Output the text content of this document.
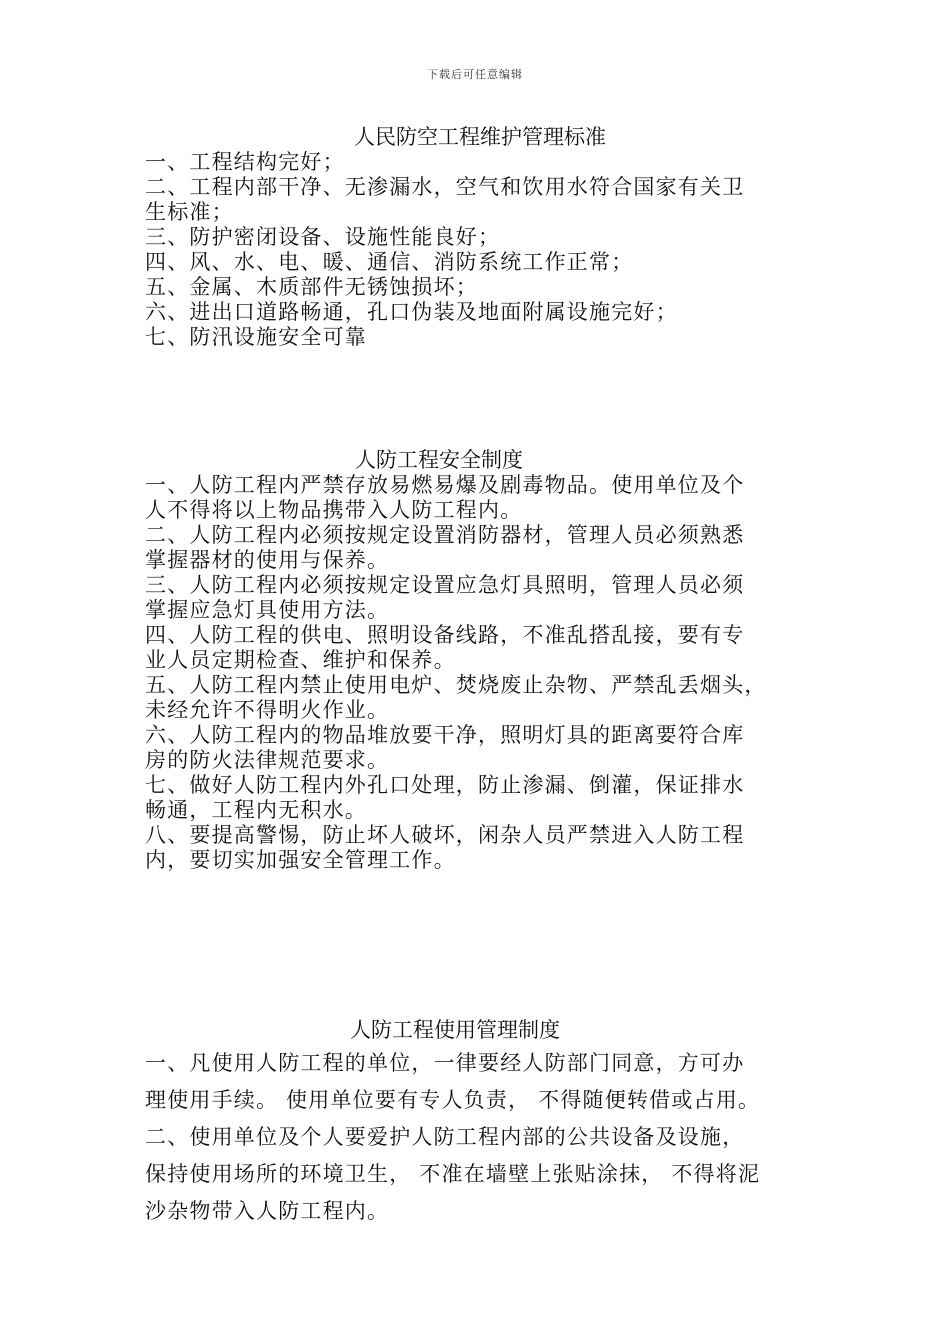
下载后可任意编辑
人民防空工程维护管理标准

一、工程结构完好；

二、工程内部干净、无渗漏水，空气和饮用水符合国家有关卫

生标准；

三、防护密闭设备、设施性能良好；

四、风、水、电、暖、通信、消防系统工作正常；

五、金属、木质部件无锈蚀损坏；

六、进出口道路畅通，孔口伪装及地面附属设施完好；

七、防汛设施安全可靠

人防工程安全制度

一、人防工程内严禁存放易燃易爆及剧毒物品。使用单位及个

人不得将以上物品携带入人防工程内。

二、人防工程内必须按规定设置消防器材，管理人员必须熟悉

掌握器材的使用与保养。

三、人防工程内必须按规定设置应急灯具照明，管理人员必须

掌握应急灯具使用方法。

四、人防工程的供电、照明设备线路，不准乱搭乱接，要有专

业人员定期检查、维护和保养。

五、人防工程内禁止使用电炉、焚烧废止杂物、严禁乱丢烟头，

未经允许不得明火作业。

六、人防工程内的物品堆放要干净，照明灯具的距离要符合库

房的防火法律规范要求。

七、做好人防工程内外孔口处理，防止渗漏、倒灌，保证排水

畅通，工程内无积水。

八、要提高警惕，防止坏人破坏，闲杂人员严禁进入人防工程

内，要切实加强安全管理工作。

人防工程使用管理制度

一、凡使用人防工程的单位，一律要经人防部门同意，方可办

理使用手续。 使用单位要有专人负责， 不得随便转借或占用。

二、使用单位及个人要爱护人防工程内部的公共设备及设施，

保持使用场所的环境卫生， 不准在墙壁上张贴涂抹， 不得将泥

沙杂物带入人防工程内。
